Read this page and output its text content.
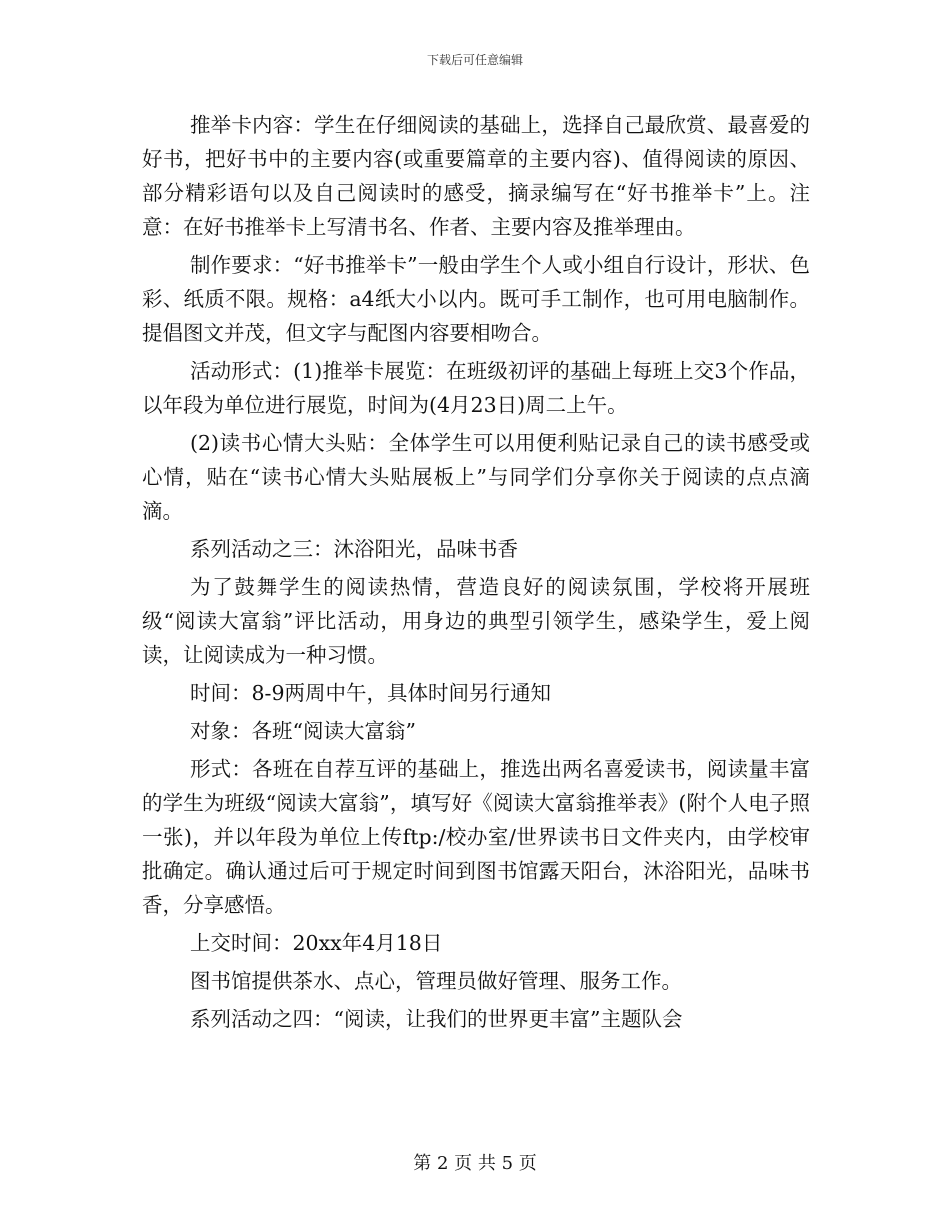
下载后可任意编辑

推举卡内容：学生在仔细阅读的基础上，选择自己最欣赏、最喜爱的好书，把好书中的主要内容(或重要篇章的主要内容)、值得阅读的原因、部分精彩语句以及自己阅读时的感受，摘录编写在“好书推举卡”上。注意：在好书推举卡上写清书名、作者、主要内容及推举理由。

制作要求：“好书推举卡”一般由学生个人或小组自行设计，形状、色彩、纸质不限。规格：a4纸大小以内。既可手工制作，也可用电脑制作。提倡图文并茂，但文字与配图内容要相吻合。

活动形式：(1)推举卡展览：在班级初评的基础上每班上交3个作品，以年段为单位进行展览，时间为(4月23日)周二上午。

(2)读书心情大头贴：全体学生可以用便利贴记录自己的读书感受或心情，贴在“读书心情大头贴展板上”与同学们分享你关于阅读的点点滴滴。

系列活动之三：沐浴阳光，品味书香

为了鼓舞学生的阅读热情，营造良好的阅读氛围，学校将开展班级“阅读大富翁”评比活动，用身边的典型引领学生，感染学生，爱上阅读，让阅读成为一种习惯。

时间：8-9两周中午，具体时间另行通知

对象：各班“阅读大富翁”

形式：各班在自荐互评的基础上，推选出两名喜爱读书，阅读量丰富的学生为班级“阅读大富翁”，填写好《阅读大富翁推举表》(附个人电子照一张)，并以年段为单位上传ftp:/校办室/世界读书日文件夹内，由学校审批确定。确认通过后可于规定时间到图书馆露天阳台，沐浴阳光，品味书香，分享感悟。

上交时间：20xx年4月18日

图书馆提供茶水、点心，管理员做好管理、服务工作。

系列活动之四：“阅读，让我们的世界更丰富”主题队会

第 2 页 共 5 页
